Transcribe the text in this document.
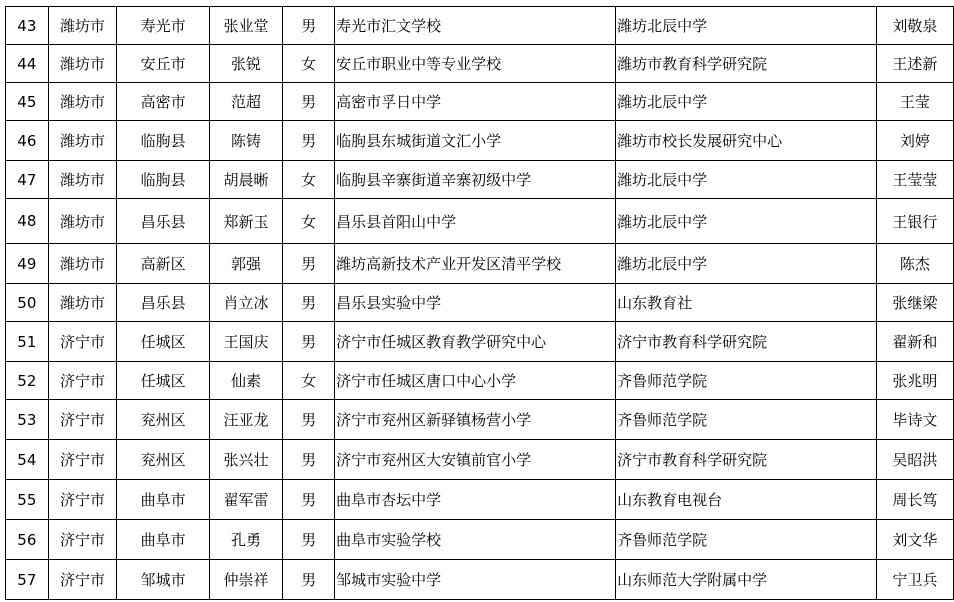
43	潍坊市	寿光市	张业堂	男	寿光市汇文学校	潍坊北辰中学	刘敬泉
44	潍坊市	安丘市	张锐	女	安丘市职业中等专业学校	潍坊市教育科学研究院	王述新
45	潍坊市	高密市	范超	男	高密市孚日中学	潍坊北辰中学	王莹
46	潍坊市	临朐县	陈铸	男	临朐县东城街道文汇小学	潍坊市校长发展研究中心	刘婷
47	潍坊市	临朐县	胡晨晰	女	临朐县辛寨街道辛寨初级中学	潍坊北辰中学	王莹莹
48	潍坊市	昌乐县	郑新玉	女	昌乐县首阳山中学	潍坊北辰中学	王银行
49	潍坊市	高新区	郭强	男	潍坊高新技术产业开发区清平学校	潍坊北辰中学	陈杰
50	潍坊市	昌乐县	肖立冰	男	昌乐县实验中学	山东教育社	张继梁
51	济宁市	任城区	王国庆	男	济宁市任城区教育教学研究中心	济宁市教育科学研究院	翟新和
52	济宁市	任城区	仙素	女	济宁市任城区唐口中心小学	齐鲁师范学院	张兆明
53	济宁市	兖州区	汪亚龙	男	济宁市兖州区新驿镇杨营小学	齐鲁师范学院	毕诗文
54	济宁市	兖州区	张兴壮	男	济宁市兖州区大安镇前官小学	济宁市教育科学研究院	吴昭洪
55	济宁市	曲阜市	翟军雷	男	曲阜市杏坛中学	山东教育电视台	周长笃
56	济宁市	曲阜市	孔勇	男	曲阜市实验学校	齐鲁师范学院	刘文华
57	济宁市	邹城市	仲崇祥	男	邹城市实验中学	山东师范大学附属中学	宁卫兵
